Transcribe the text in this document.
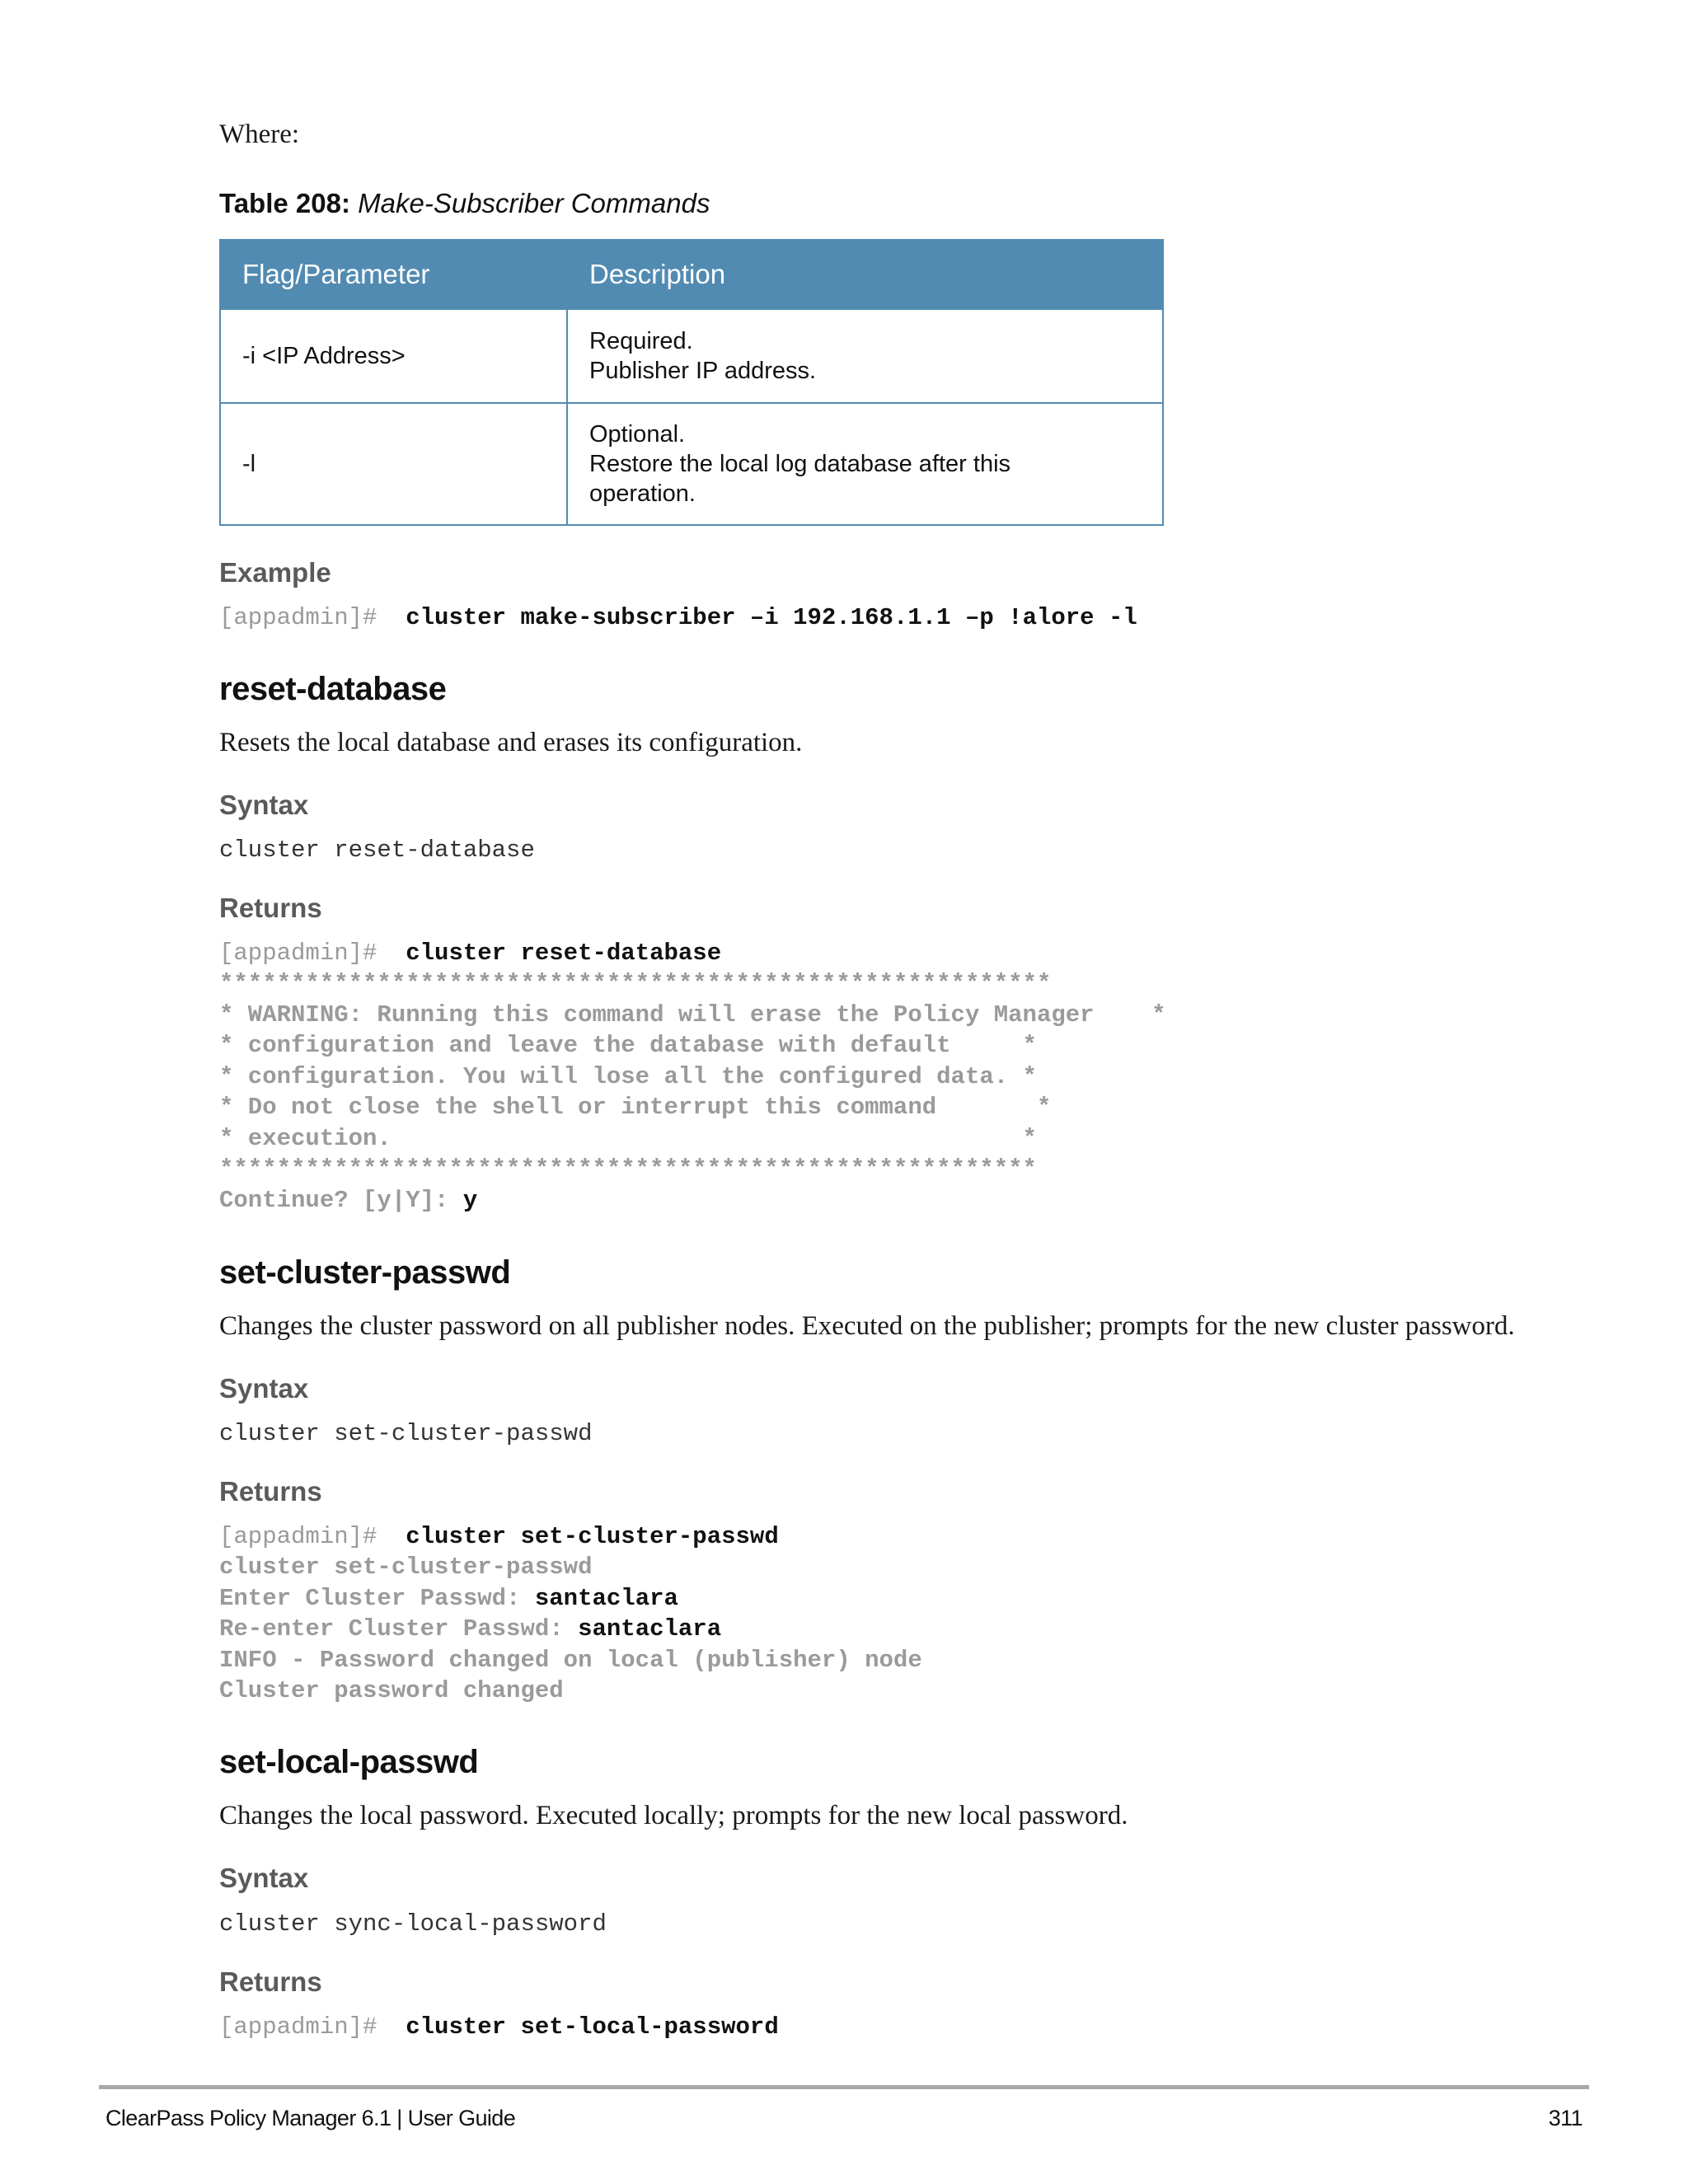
Where:
Table 208: Make-Subscriber Commands
Flag/Parameter	Description
-i <IP Address>	Required.
Publisher IP address.

-l	Optional.
Restore the local log database after this
operation.
Example
[appadmin]# cluster make-subscriber –i 192.168.1.1 –p !alore -l
reset-database
Resets the local database and erases its configuration.
Syntax
cluster reset-database
Returns
[appadmin]# cluster reset-database
**********************************************************
* WARNING: Running this command will erase the Policy Manager    *
* configuration and leave the database with default     *
* configuration. You will lose all the configured data. *
* Do not close the shell or interrupt this command       *
* execution.                                            *
*********************************************************
Continue? [y|Y]: y
set-cluster-passwd
Changes the cluster password on all publisher nodes. Executed on the publisher; prompts for the new cluster password.
Syntax
cluster set-cluster-passwd
Returns
[appadmin]# cluster set-cluster-passwd
cluster set-cluster-passwd
Enter Cluster Passwd: santaclara
Re-enter Cluster Passwd: santaclara
INFO - Password changed on local (publisher) node
Cluster password changed
set-local-passwd
Changes the local password. Executed locally; prompts for the new local password.
Syntax
cluster sync-local-password
Returns
[appadmin]# cluster set-local-password
ClearPass Policy Manager 6.1 | User Guide	311
